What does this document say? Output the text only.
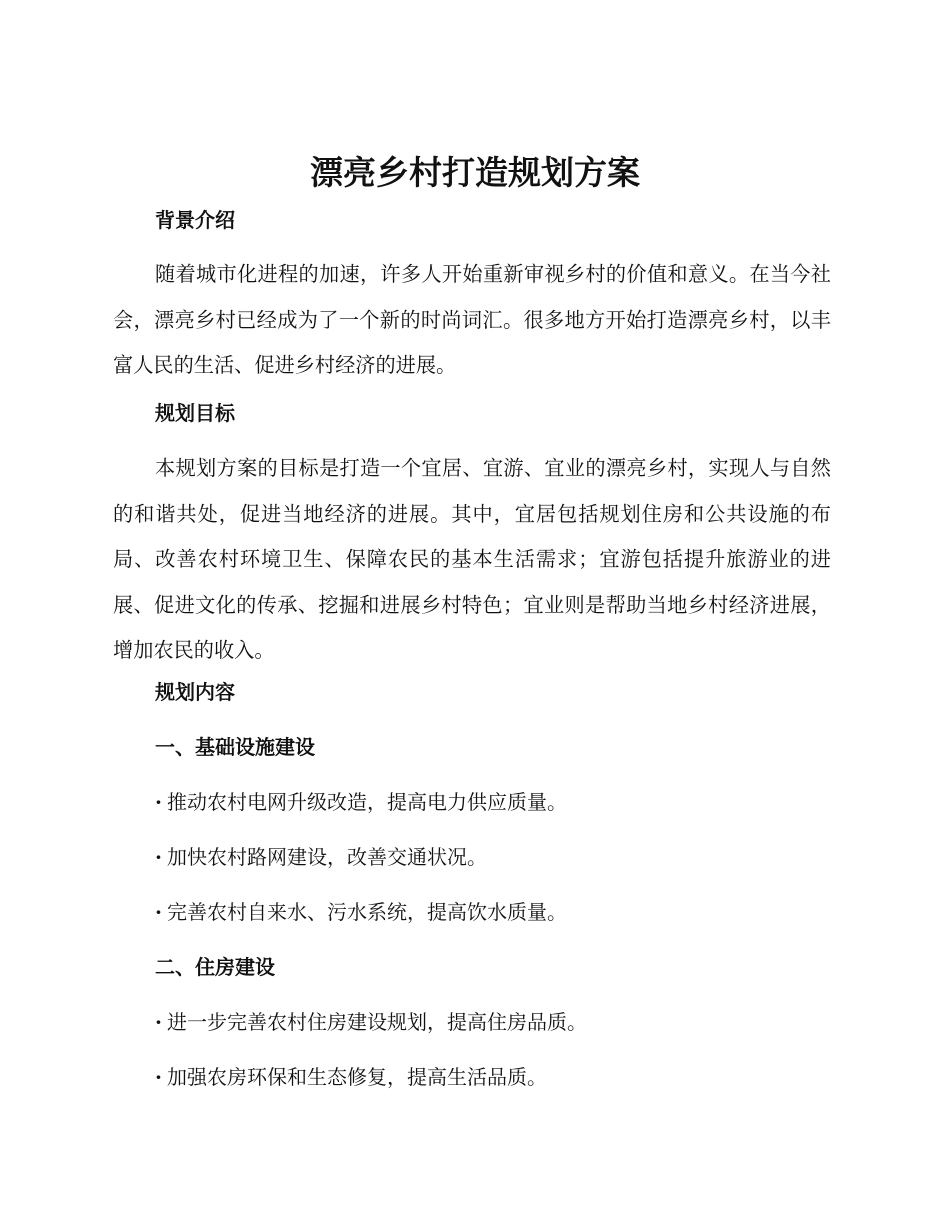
漂亮乡村打造规划方案
背景介绍

随着城市化进程的加速，许多人开始重新审视乡村的价值和意义。在当今社会，漂亮乡村已经成为了一个新的时尚词汇。很多地方开始打造漂亮乡村，以丰富人民的生活、促进乡村经济的进展。

规划目标

本规划方案的目标是打造一个宜居、宜游、宜业的漂亮乡村，实现人与自然的和谐共处，促进当地经济的进展。其中，宜居包括规划住房和公共设施的布局、改善农村环境卫生、保障农民的基本生活需求；宜游包括提升旅游业的进展、促进文化的传承、挖掘和进展乡村特色；宜业则是帮助当地乡村经济进展，增加农民的收入。

规划内容
一、基础设施建设

· 推动农村电网升级改造，提高电力供应质量。

· 加快农村路网建设，改善交通状况。

· 完善农村自来水、污水系统，提高饮水质量。

二、住房建设

· 进一步完善农村住房建设规划，提高住房品质。

· 加强农房环保和生态修复，提高生活品质。
